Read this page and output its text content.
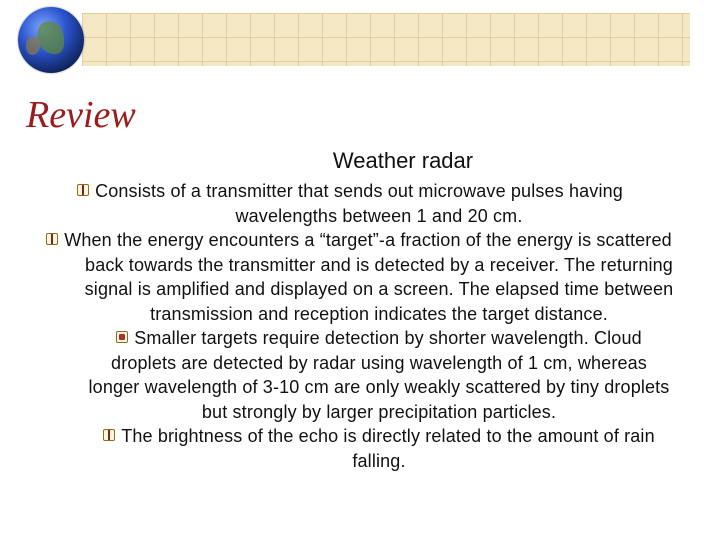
Review
Weather radar

Consists of a transmitter that sends out microwave pulses having wavelengths between 1 and 20 cm.

When the energy encounters a “target”-a fraction of the energy is scattered back towards the transmitter and is detected by a receiver. The returning signal is amplified and displayed on a screen. The elapsed time between transmission and reception indicates the target distance.

Smaller targets require detection by shorter wavelength. Cloud droplets are detected by radar using wavelength of 1 cm, whereas longer wavelength of 3-10 cm are only weakly scattered by tiny droplets but strongly by larger precipitation particles.

The brightness of the echo is directly related to the amount of rain falling.
